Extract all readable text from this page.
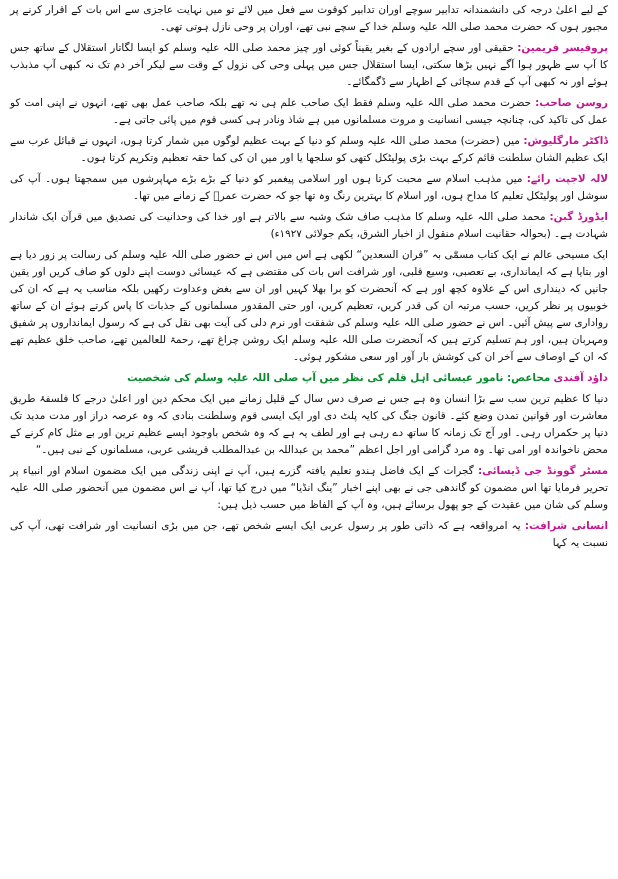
کے لیے اعلیٰ درجہ کی دانشمندانہ تدابیر سوچے اوران تدابیر کوقوت سے فعل میں لائے تو میں نہایت عاجزی سے اس بات کے اقرار کرنے پر مجبور ہوں کہ حضرت محمد صلی اللہ علیہ وسلم خدا کے سچے نبی تھے، اوران پر وحی نازل ہوتی تھی۔

پروفیسر فریمین: حقیقی اور سچے ارادوں کے بغیر یقیناً کوئی اور چیز محمد صلی اللہ علیہ وسلم کو ایسا لگاتار استقلال کے ساتھ جس کا آپ سے ظہور ہوا آگے نہیں بڑھا سکتی، ایسا استقلال جس میں پہلی وحی کی نزول کے وقت سے لیکر آخر دم تک نہ کبھی آپ مذبذب ہوئے اور نہ کبھی آپ کے قدم سچائی کے اظہار سے ڈگمگائے۔

روسن صاحب: حضرت محمد صلی اللہ علیہ وسلم فقط ایک صاحب علم ہی نہ تھے بلکہ صاحب عمل بھی تھے، انہوں نے اپنی امت کو عمل کی تاکید کی، چنانچہ جیسی انسانیت و مروت مسلمانوں میں ہے شاذ ونادر ہی کسی قوم میں پائی جاتی ہے۔

ڈاکٹر مارگلیوش: میں (حضرت) محمد صلی اللہ علیہ وسلم کو دنیا کے بہت عظیم لوگوں میں شمار کرتا ہوں، انہوں نے قبائل عرب سے ایک عظیم الشان سلطنت قائم کرکے بہت بڑی پولیٹکل کتھی کو سلجھا یا اور میں ان کی کما حقہ تعظیم وتکریم کرتا ہوں۔

لالہ لاجپت رائے: میں مذہب اسلام سے محبت کرتا ہوں اور اسلامی پیغمبر کو دنیا کے بڑے بڑے مہاپرشوں میں سمجھتا ہوں۔ آپ کی سوشل اور پولیٹکل تعلیم کا مداح ہوں، اور اسلام کا بہترین رنگ وہ تھا جو کہ حضرت عمرؓ کے زمانے میں تھا۔

ایڈورڈ گبن: محمد صلی اللہ علیہ وسلم کا مذہب صاف شک وشبہ سے بالاتر ہے اور خدا کی وحدانیت کی تصدیق میں قرآن ایک شاندار شہادت ہے۔ (بحوالہ حقانیت اسلام منقول از اخبار الشرق، یکم جولائی ۱۹۲۷ء)

ایک مسیحی عالم نے ایک کتاب مسمّٰی بہ ”قران السعدین“ لکھی ہے اس میں اس نے حضور صلی اللہ علیہ وسلم کی رسالت پر زور دیا ہے اور بتایا ہے کہ ایمانداری، بے تعصبی، وسیع قلبی، اور شرافت اس بات کی مقتضی ہے کہ عیسائی دوست اپنے دلوں کو صاف کریں اور یقین جانیں کہ دینداری اس کے علاوہ کچھ اور ہے کہ آنحضرت کو برا بھلا کہیں اور ان سے بغض وعداوت رکھیں بلکہ مناسب یہ ہے کہ ان کی خوبیوں پر نظر کریں، حسب مرتبہ ان کی قدر کریں، تعظیم کریں، اور حتی المقدور مسلمانوں کے جذبات کا پاس کرتے ہوئے ان کے ساتھ رواداری سے پیش آئیں۔ اس نے حضور صلی اللہ علیہ وسلم کی شفقت اور نرم دلی کی آیت بھی نقل کی ہے کہ رسول ایمانداروں پر شفیق ومہربان ہیں، اور ہم تسلیم کرتے ہیں کہ آنحضرت صلی اللہ علیہ وسلم ایک روشن چراغ تھے، رحمۃ للعالمین تھے، صاحب خلق عظیم تھے کہ ان کے اوصاف سے آخر ان کی کوشش بار آور اور سعی مشکور ہوئی۔

داؤد آفندی محاعص: نامور عیسائی اہل قلم کی نظر میں آپ صلی اللہ علیہ وسلم کی شخصیت

دنیا کا عظیم ترین سب سے بڑا انسان وہ ہے جس نے صرف دس سال کے قلیل زمانے میں ایک محکم دین اور اعلیٰ درجے کا فلسفۂ طریق معاشرت اور قوانین تمدن وضع کئے۔ قانون جنگ کی کایہ پلٹ دی اور ایک ایسی قوم وسلطنت بنادی کہ وہ عرصہ دراز اور مدت مدید تک دنیا پر حکمراں رہی۔ اور آج تک زمانہ کا ساتھ دے رہی ہے اور لطف یہ ہے کہ وہ شخص باوجود ایسے عظیم ترین اور بے مثل کام کرنے کے محض ناخواندہ اور امی تھا۔ وہ مرد گرامی اور اجل اعظم ”محمد بن عبداللہ بن عبدالمطلب قریشی عربی، مسلمانوں کے نبی ہیں۔“

مسٹر گوونڈ جی ڈیسائی: گجرات کے ایک فاضل ہندو تعلیم یافتہ گزرے ہیں، آپ نے اپنی زندگی میں ایک مضمون اسلام اور انبیاء پر تحریر فرمایا تھا اس مضمون کو گاندھی جی نے بھی اپنے اخبار ”ینگ انڈیا“ میں درج کیا تھا، آپ نے اس مضمون میں آنحضور صلی اللہ علیہ وسلم کی شان میں عقیدت کے جو پھول برسائے ہیں، وہ آپ کے الفاظ میں حسب ذیل ہیں:

انسانی شرافت: یہ امرواقعہ ہے کہ ذاتی طور پر رسول عربی ایک ایسے شخص تھے، جن میں بڑی انسانیت اور شرافت تھی، آپ کی نسبت یہ کہا
